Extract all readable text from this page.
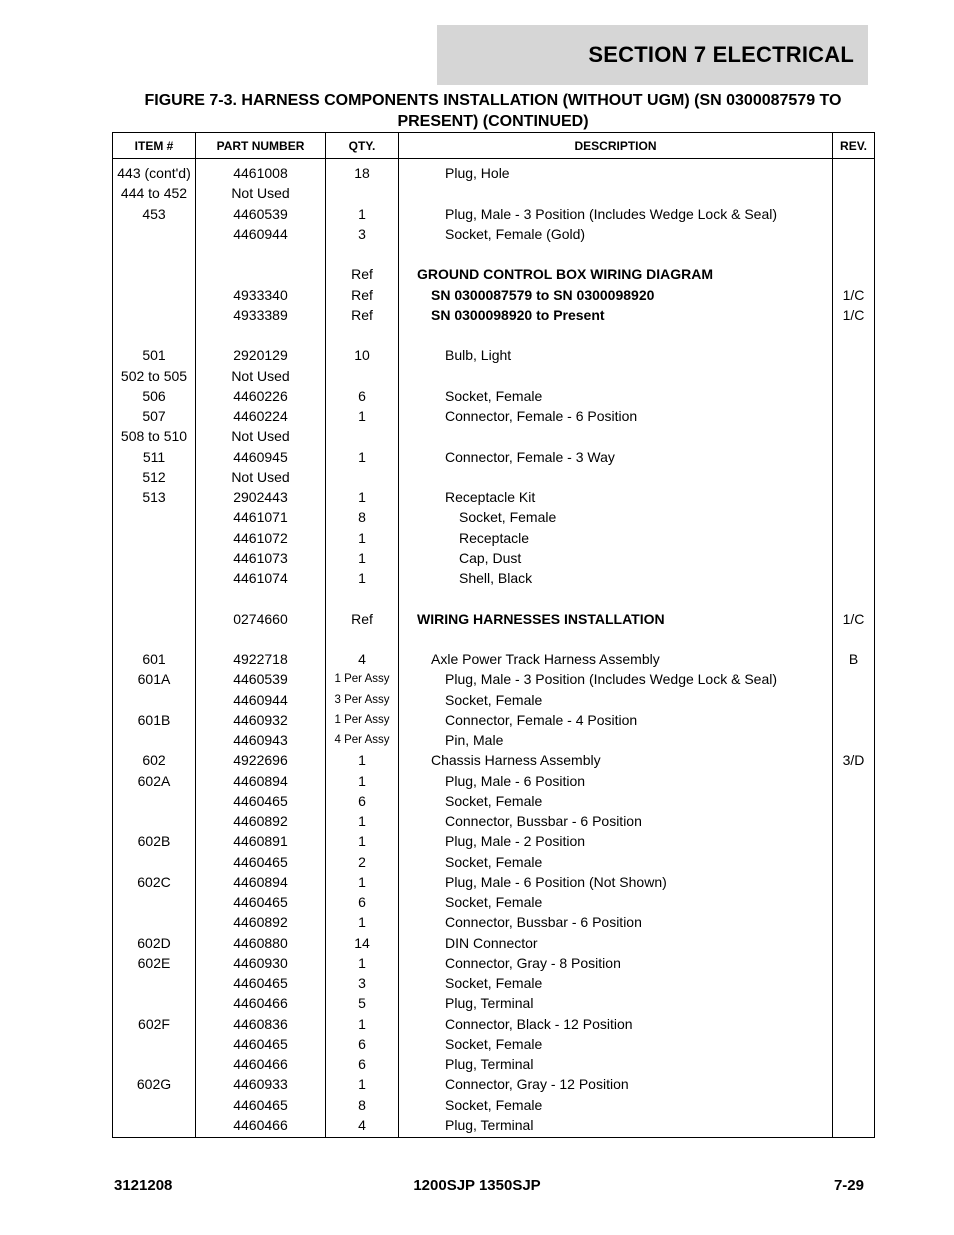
SECTION 7 ELECTRICAL
FIGURE 7-3. HARNESS COMPONENTS INSTALLATION (WITHOUT UGM) (SN 0300087579 TO
PRESENT) (CONTINUED)
ITEM #	PART NUMBER	QTY.	DESCRIPTION	REV.
443 (cont'd)	4461008	18	Plug, Hole	
444 to 452	Not Used			
453	4460539	1	Plug, Male - 3 Position (Includes Wedge Lock & Seal)	
	4460944	3	Socket, Female (Gold)	

		Ref	GROUND CONTROL BOX WIRING DIAGRAM	
	4933340	Ref	SN 0300087579 to SN 0300098920	1/C
	4933389	Ref	SN 0300098920 to Present	1/C

501	2920129	10	Bulb, Light	
502 to 505	Not Used			
506	4460226	6	Socket, Female	
507	4460224	1	Connector, Female - 6 Position	
508 to 510	Not Used			
511	4460945	1	Connector, Female - 3 Way	
512	Not Used			
513	2902443	1	Receptacle Kit	
	4461071	8	Socket, Female	
	4461072	1	Receptacle	
	4461073	1	Cap, Dust	
	4461074	1	Shell, Black	

	0274660	Ref	WIRING HARNESSES INSTALLATION	1/C

601	4922718	4	Axle Power Track Harness Assembly	B
601A	4460539	1 Per Assy	Plug, Male - 3 Position (Includes Wedge Lock & Seal)	
	4460944	3 Per Assy	Socket, Female	
601B	4460932	1 Per Assy	Connector, Female - 4 Position	
	4460943	4 Per Assy	Pin, Male	
602	4922696	1	Chassis Harness Assembly	3/D
602A	4460894	1	Plug, Male - 6 Position	
	4460465	6	Socket, Female	
	4460892	1	Connector, Bussbar - 6 Position	
602B	4460891	1	Plug, Male - 2 Position	
	4460465	2	Socket, Female	
602C	4460894	1	Plug, Male - 6 Position (Not Shown)	
	4460465	6	Socket, Female	
	4460892	1	Connector, Bussbar - 6 Position	
602D	4460880	14	DIN Connector	
602E	4460930	1	Connector, Gray - 8 Position	
	4460465	3	Socket, Female	
	4460466	5	Plug, Terminal	
602F	4460836	1	Connector, Black - 12 Position	
	4460465	6	Socket, Female	
	4460466	6	Plug, Terminal	
602G	4460933	1	Connector, Gray - 12 Position	
	4460465	8	Socket, Female	
	4460466	4	Plug, Terminal	
3121208	1200SJP 1350SJP	7-29
